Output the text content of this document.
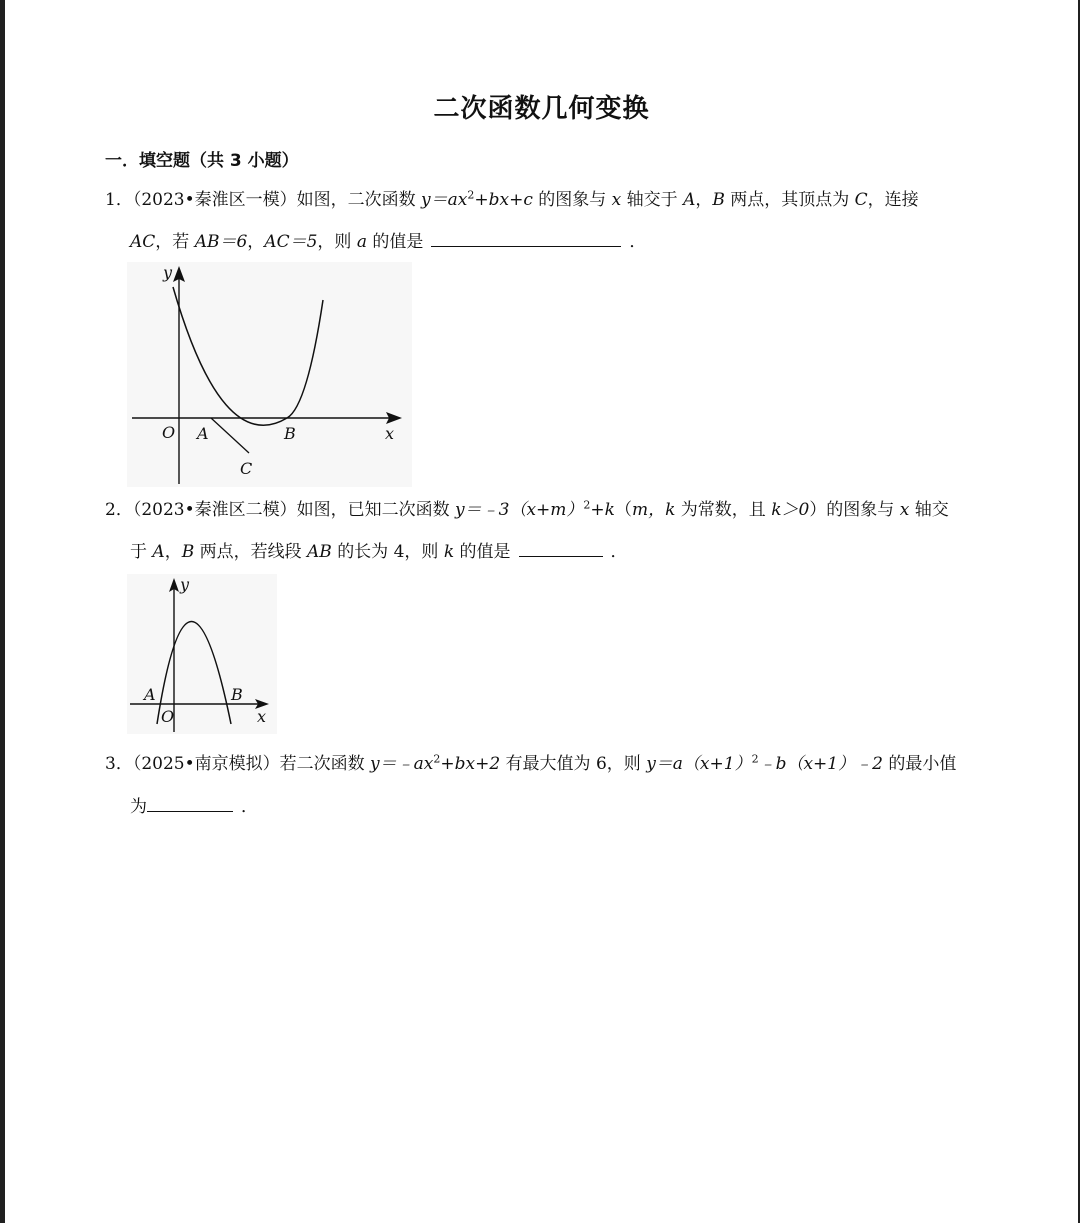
二次函数几何变换
一．填空题（共 3 小题）
1．（2023•秦淮区一模）如图，二次函数 $y=ax^2+bx+c$ 的图象与 x 轴交于 A，B 两点，其顶点为 C，连接
AC，若 AB＝6，AC＝5，则 a 的值是	．
y
O A	B
C
x
2．（2023•秦淮区二模）如图，已知二次函数 $y=﹣3(x+m)^2+k(m$，k 为常数，且 k＞0）的图象与 x 轴交
于 A，B 两点，若线段 AB 的长为 4，则 k 的值是	．
y
A	B
O	x
3．（2025•南京模拟）若二次函数 $y=﹣ax^2+bx+2$ 有最大值为 6，则 $y=a(x+1)^2﹣b(x+1)﹣2$ 的最小值
为	．
